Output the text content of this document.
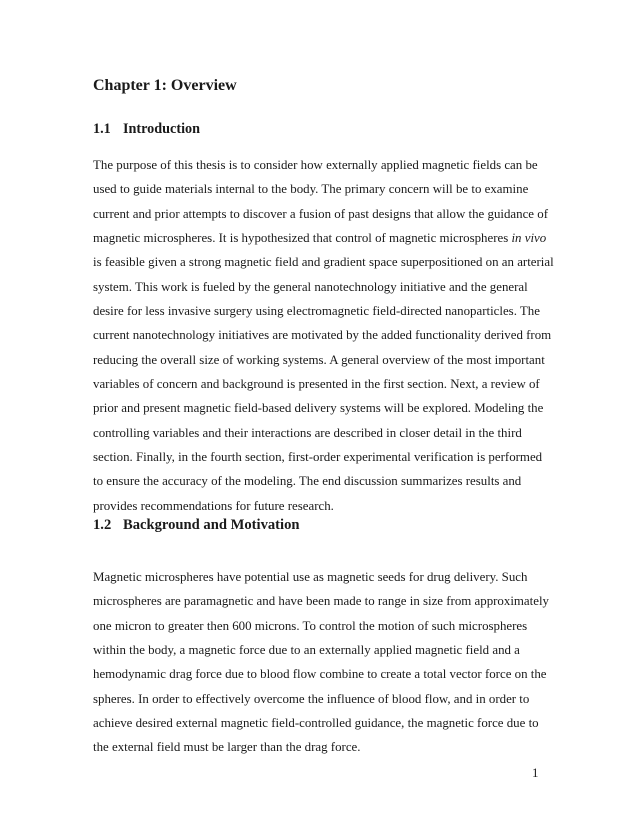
Chapter 1: Overview
1.1 Introduction

The purpose of this thesis is to consider how externally applied magnetic fields can be
used to guide materials internal to the body. The primary concern will be to examine
current and prior attempts to discover a fusion of past designs that allow the guidance of
magnetic microspheres. It is hypothesized that control of magnetic microspheres in vivo
is feasible given a strong magnetic field and gradient space superpositioned on an arterial
system. This work is fueled by the general nanotechnology initiative and the general
desire for less invasive surgery using electromagnetic field-directed nanoparticles. The
current nanotechnology initiatives are motivated by the added functionality derived from
reducing the overall size of working systems. A general overview of the most important
variables of concern and background is presented in the first section. Next, a review of
prior and present magnetic field-based delivery systems will be explored. Modeling the
controlling variables and their interactions are described in closer detail in the third
section. Finally, in the fourth section, first-order experimental verification is performed
to ensure the accuracy of the modeling. The end discussion summarizes results and
provides recommendations for future research.

1.2 Background and Motivation

Magnetic microspheres have potential use as magnetic seeds for drug delivery. Such
microspheres are paramagnetic and have been made to range in size from approximately
one micron to greater then 600 microns. To control the motion of such microspheres
within the body, a magnetic force due to an externally applied magnetic field and a
hemodynamic drag force due to blood flow combine to create a total vector force on the
spheres. In order to effectively overcome the influence of blood flow, and in order to
achieve desired external magnetic field-controlled guidance, the magnetic force due to
the external field must be larger than the drag force.

1
